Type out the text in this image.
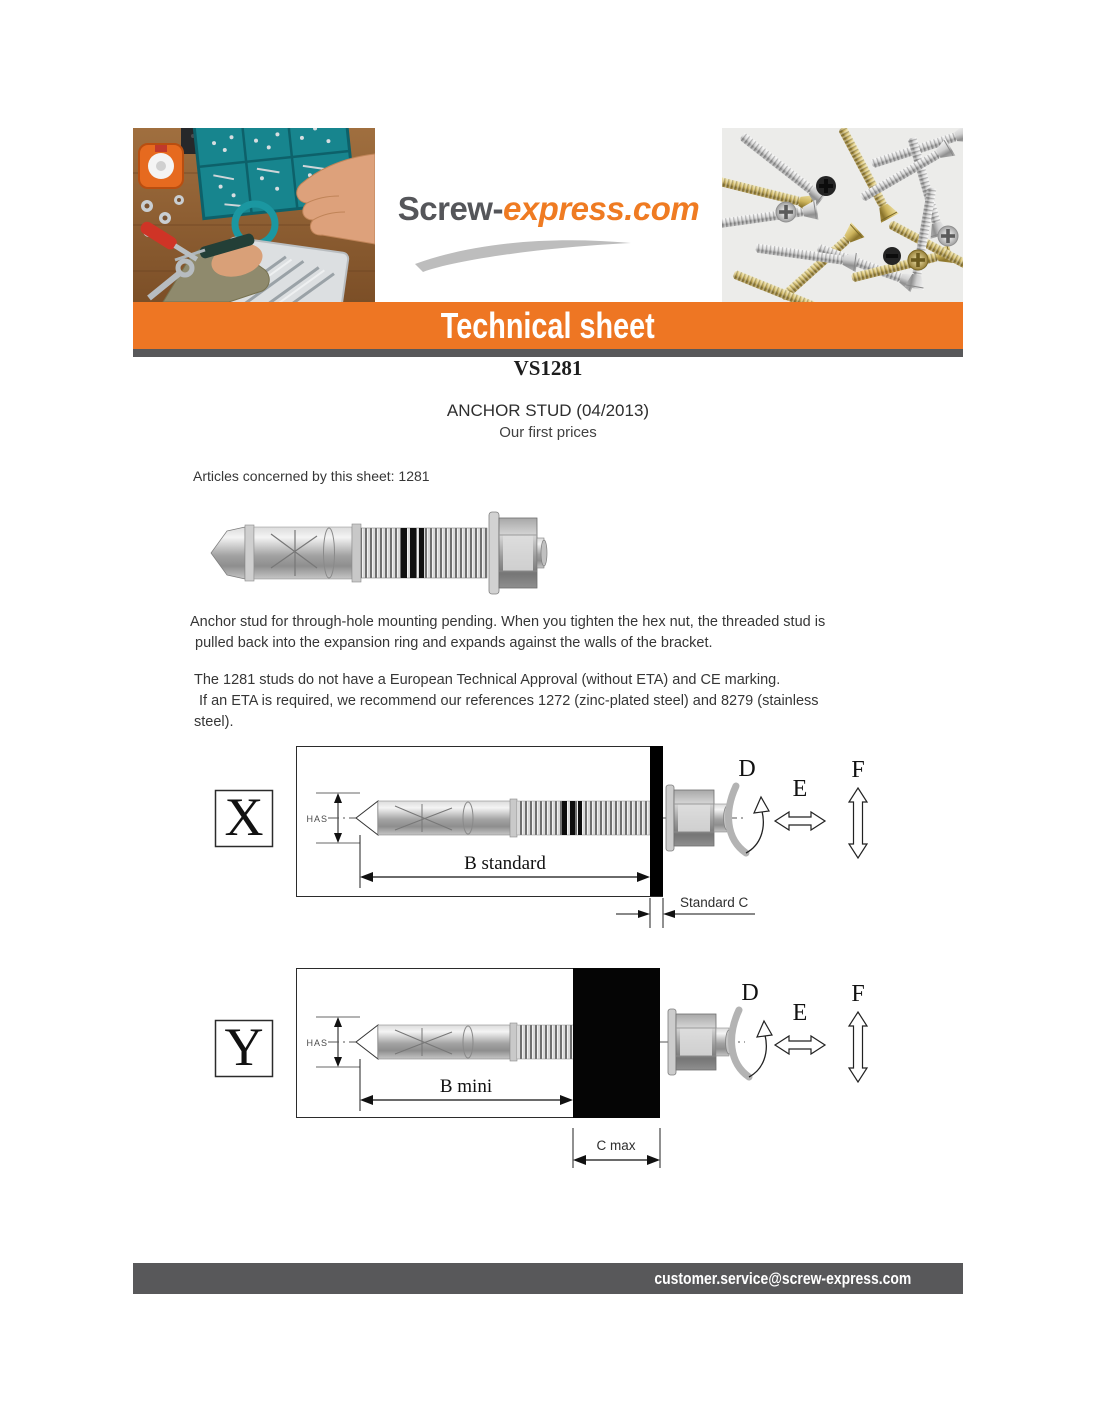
Screw-express.com
Technical sheet
VS1281
ANCHOR STUD (04/2013)
Our first prices
Articles concerned by this sheet: 1281
Anchor stud for through-hole mounting pending. When you tighten the hex nut, the threaded stud is
pulled back into the expansion ring and expands against the walls of the bracket.
The 1281 studs do not have a European Technical Approval (without ETA) and CE marking.
If an ETA is required, we recommend our references 1272 (zinc-plated steel) and 8279 (stainless
steel).
X	HAS
B standard
Standard C
D
E
F
Y	HAS
B mini
C max
D
E
F
customer.service@screw-express.com
